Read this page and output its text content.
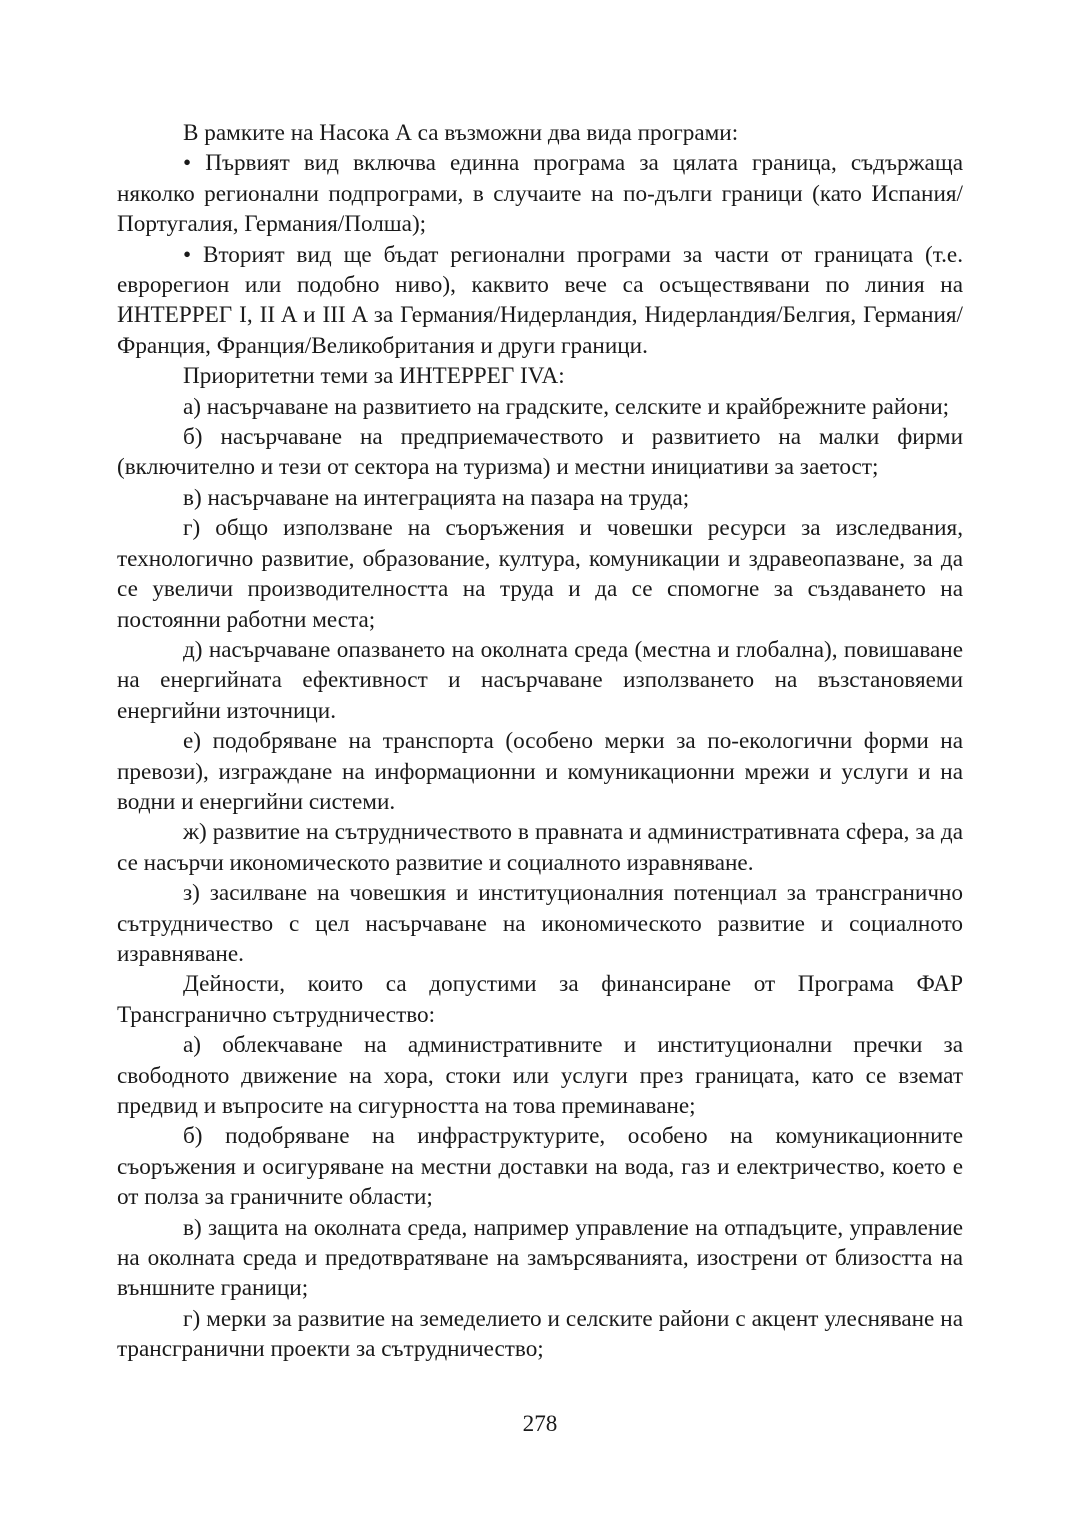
В рамките на Насока А са възможни два вида програми:

• Първият вид включва единна програма за цялата граница, съдържаща няколко регионални подпрограми, в случаите на по-дълги граници (като Испания/Португалия, Германия/Полша);

• Вторият вид ще бъдат регионални програми за части от границата (т.е. еврорегион или подобно ниво), каквито вече са осъществявани по линия на ИНТЕРРЕГ I, II A и III A за Германия/Нидерландия, Нидерландия/Белгия, Германия/Франция, Франция/Великобритания и други граници.

Приоритетни теми за ИНТЕРРЕГ IVA:

а) насърчаване на развитието на градските, селските и крайбрежните райони;

б) насърчаване на предприемачеството и развитието на малки фирми (включително и тези от сектора на туризма) и местни инициативи за заетост;

в) насърчаване на интеграцията на пазара на труда;

г) общо използване на съоръжения и човешки ресурси за изследвания, технологично развитие, образование, култура, комуникации и здравеопазване, за да се увеличи производителността на труда и да се спомогне за създаването на постоянни работни места;

д) насърчаване опазването на околната среда (местна и глобална), повишаване на енергийната ефективност и насърчаване използването на възстановяеми енергийни източници.

е) подобряване на транспорта (особено мерки за по-екологични форми на превози), изграждане на информационни и комуникационни мрежи и услуги и на водни и енергийни системи.

ж) развитие на сътрудничеството в правната и административната сфера, за да се насърчи икономическото развитие и социалното изравняване.

з) засилване на човешкия и институционалния потенциал за трансгранично сътрудничество с цел насърчаване на икономическото развитие и социалното изравняване.

Дейности, които са допустими за финансиране от Програма ФАР Трансгранично сътрудничество:

а) облекчаване на административните и институционални пречки за свободното движение на хора, стоки или услуги през границата, като се вземат предвид и въпросите на сигурността на това преминаване;

б) подобряване на инфраструктурите, особено на комуникационните съоръжения и осигуряване на местни доставки на вода, газ и електричество, което е от полза за граничните области;

в) защита на околната среда, например управление на отпадъците, управление на околната среда и предотвратяване на замърсяванията, изострени от близостта на външните граници;

г) мерки за развитие на земеделието и селските райони с акцент улесняване на трансгранични проекти за сътрудничество;

278
